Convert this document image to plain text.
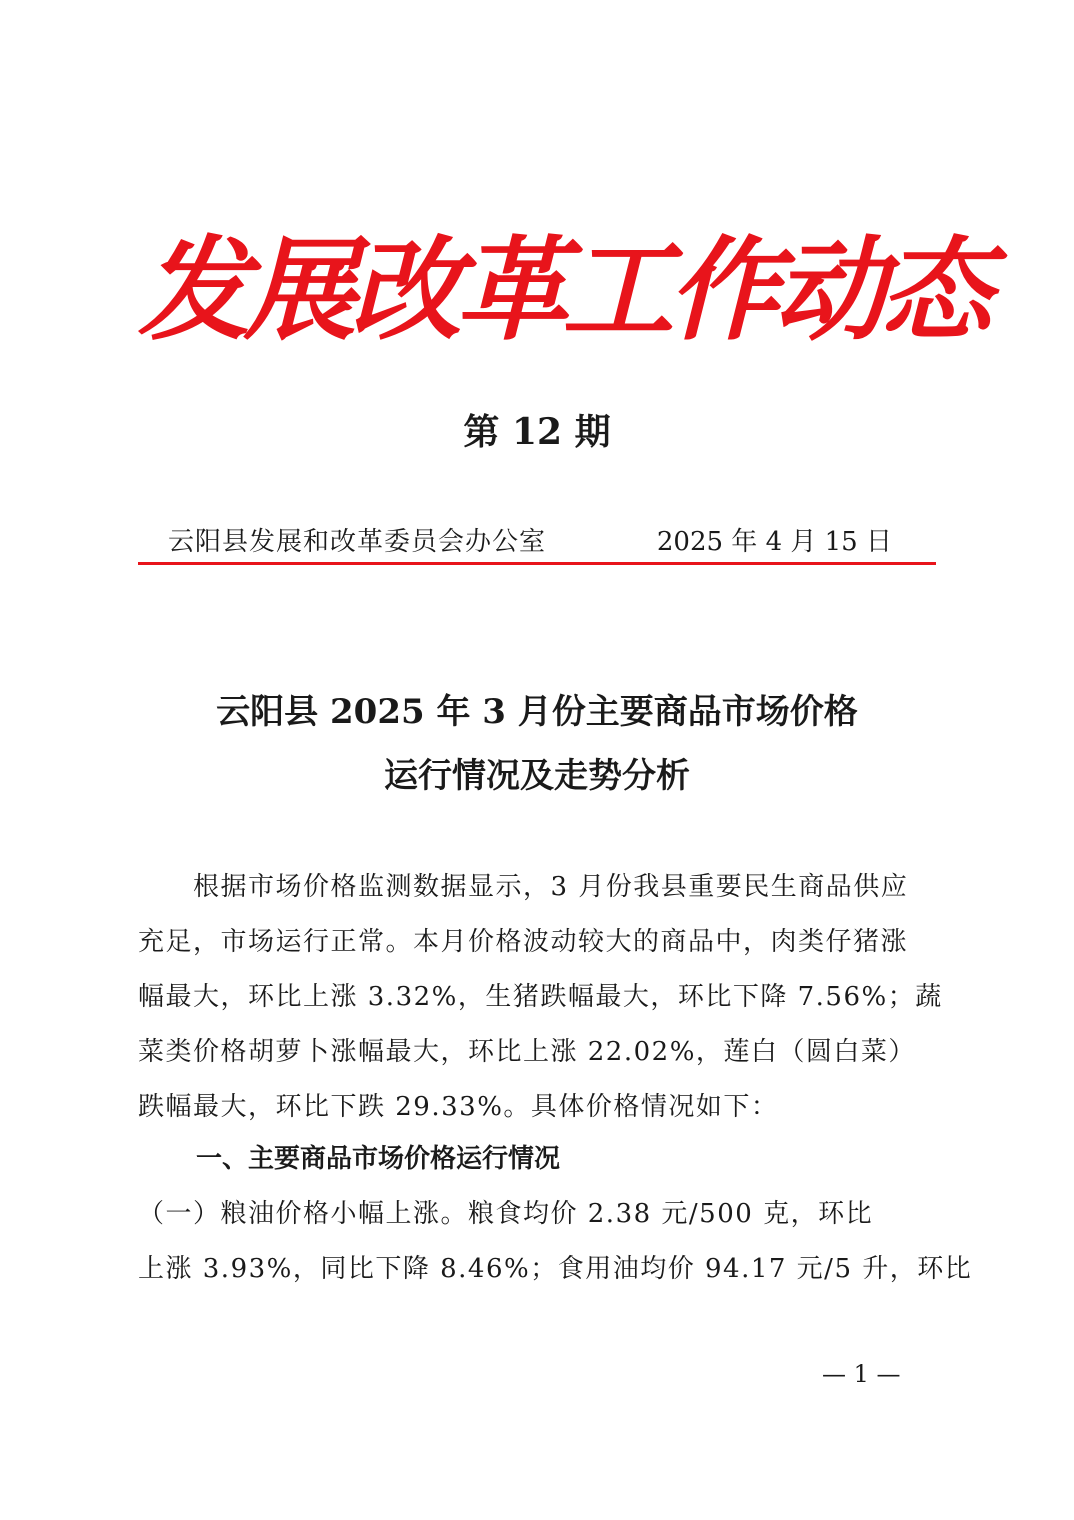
发展改革工作动态
第 12 期
云阳县发展和改革委员会办公室	2025 年 4 月 15 日
云阳县 2025 年 3 月份主要商品市场价格
运行情况及走势分析
　　根据市场价格监测数据显示，3 月份我县重要民生商品供应
充足，市场运行正常。本月价格波动较大的商品中，肉类仔猪涨
幅最大，环比上涨 3.32%，生猪跌幅最大，环比下降 7.56%；蔬
菜类价格胡萝卜涨幅最大，环比上涨 22.02%，莲白（圆白菜）
跌幅最大，环比下跌 29.33%。具体价格情况如下：
一、主要商品市场价格运行情况
（一）粮油价格小幅上涨。粮食均价 2.38 元/500 克，环比
上涨 3.93%，同比下降 8.46%；食用油均价 94.17 元/5 升，环比
— 1 —
